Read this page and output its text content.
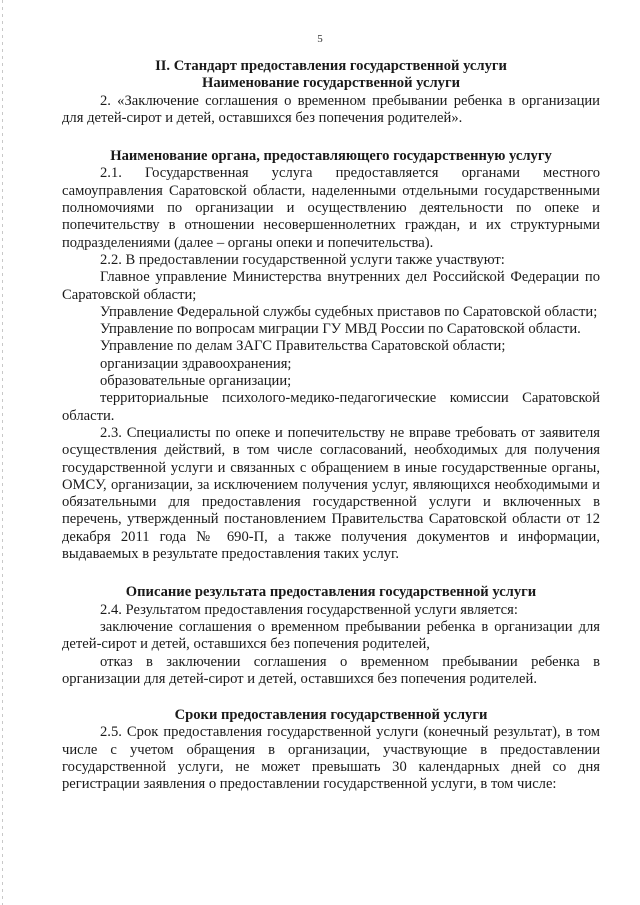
5

II. Стандарт предоставления государственной услуги

Наименование государственной услуги

2. «Заключение соглашения о временном пребывании ребенка в организации для детей-сирот и детей, оставшихся без попечения родителей».

Наименование органа, предоставляющего государственную услугу

2.1. Государственная услуга предоставляется органами местного самоуправления Саратовской области, наделенными отдельными государственными полномочиями по организации и осуществлению деятельности по опеке и попечительству в отношении несовершеннолетних граждан, и их структурными подразделениями (далее – органы опеки и попечительства).

2.2. В предоставлении государственной услуги также участвуют:

Главное управление Министерства внутренних дел Российской Федерации по Саратовской области;

Управление Федеральной службы судебных приставов по Саратовской области;

Управление по вопросам миграции ГУ МВД России по Саратовской области.

Управление по делам ЗАГС Правительства Саратовской области;

организации здравоохранения;

образовательные организации;

территориальные психолого-медико-педагогические комиссии Саратовской области.

2.3. Специалисты по опеке и попечительству не вправе требовать от заявителя осуществления действий, в том числе согласований, необходимых для получения государственной услуги и связанных с обращением в иные государственные органы, ОМСУ, организации, за исключением получения услуг, являющихся необходимыми и обязательными для предоставления государственной услуги и включенных в перечень, утвержденный постановлением Правительства Саратовской области от 12 декабря 2011 года № 690-П, а также получения документов и информации, выдаваемых в результате предоставления таких услуг.

Описание результата предоставления государственной услуги

2.4. Результатом предоставления государственной услуги является:

заключение соглашения о временном пребывании ребенка в организации для детей-сирот и детей, оставшихся без попечения родителей,

отказ в заключении соглашения о временном пребывании ребенка в организации для детей-сирот и детей, оставшихся без попечения родителей.

Сроки предоставления государственной услуги

2.5. Срок предоставления государственной услуги (конечный результат), в том числе с учетом обращения в организации, участвующие в предоставлении государственной услуги, не может превышать 30 календарных дней со дня регистрации заявления о предоставлении государственной услуги, в том числе:
